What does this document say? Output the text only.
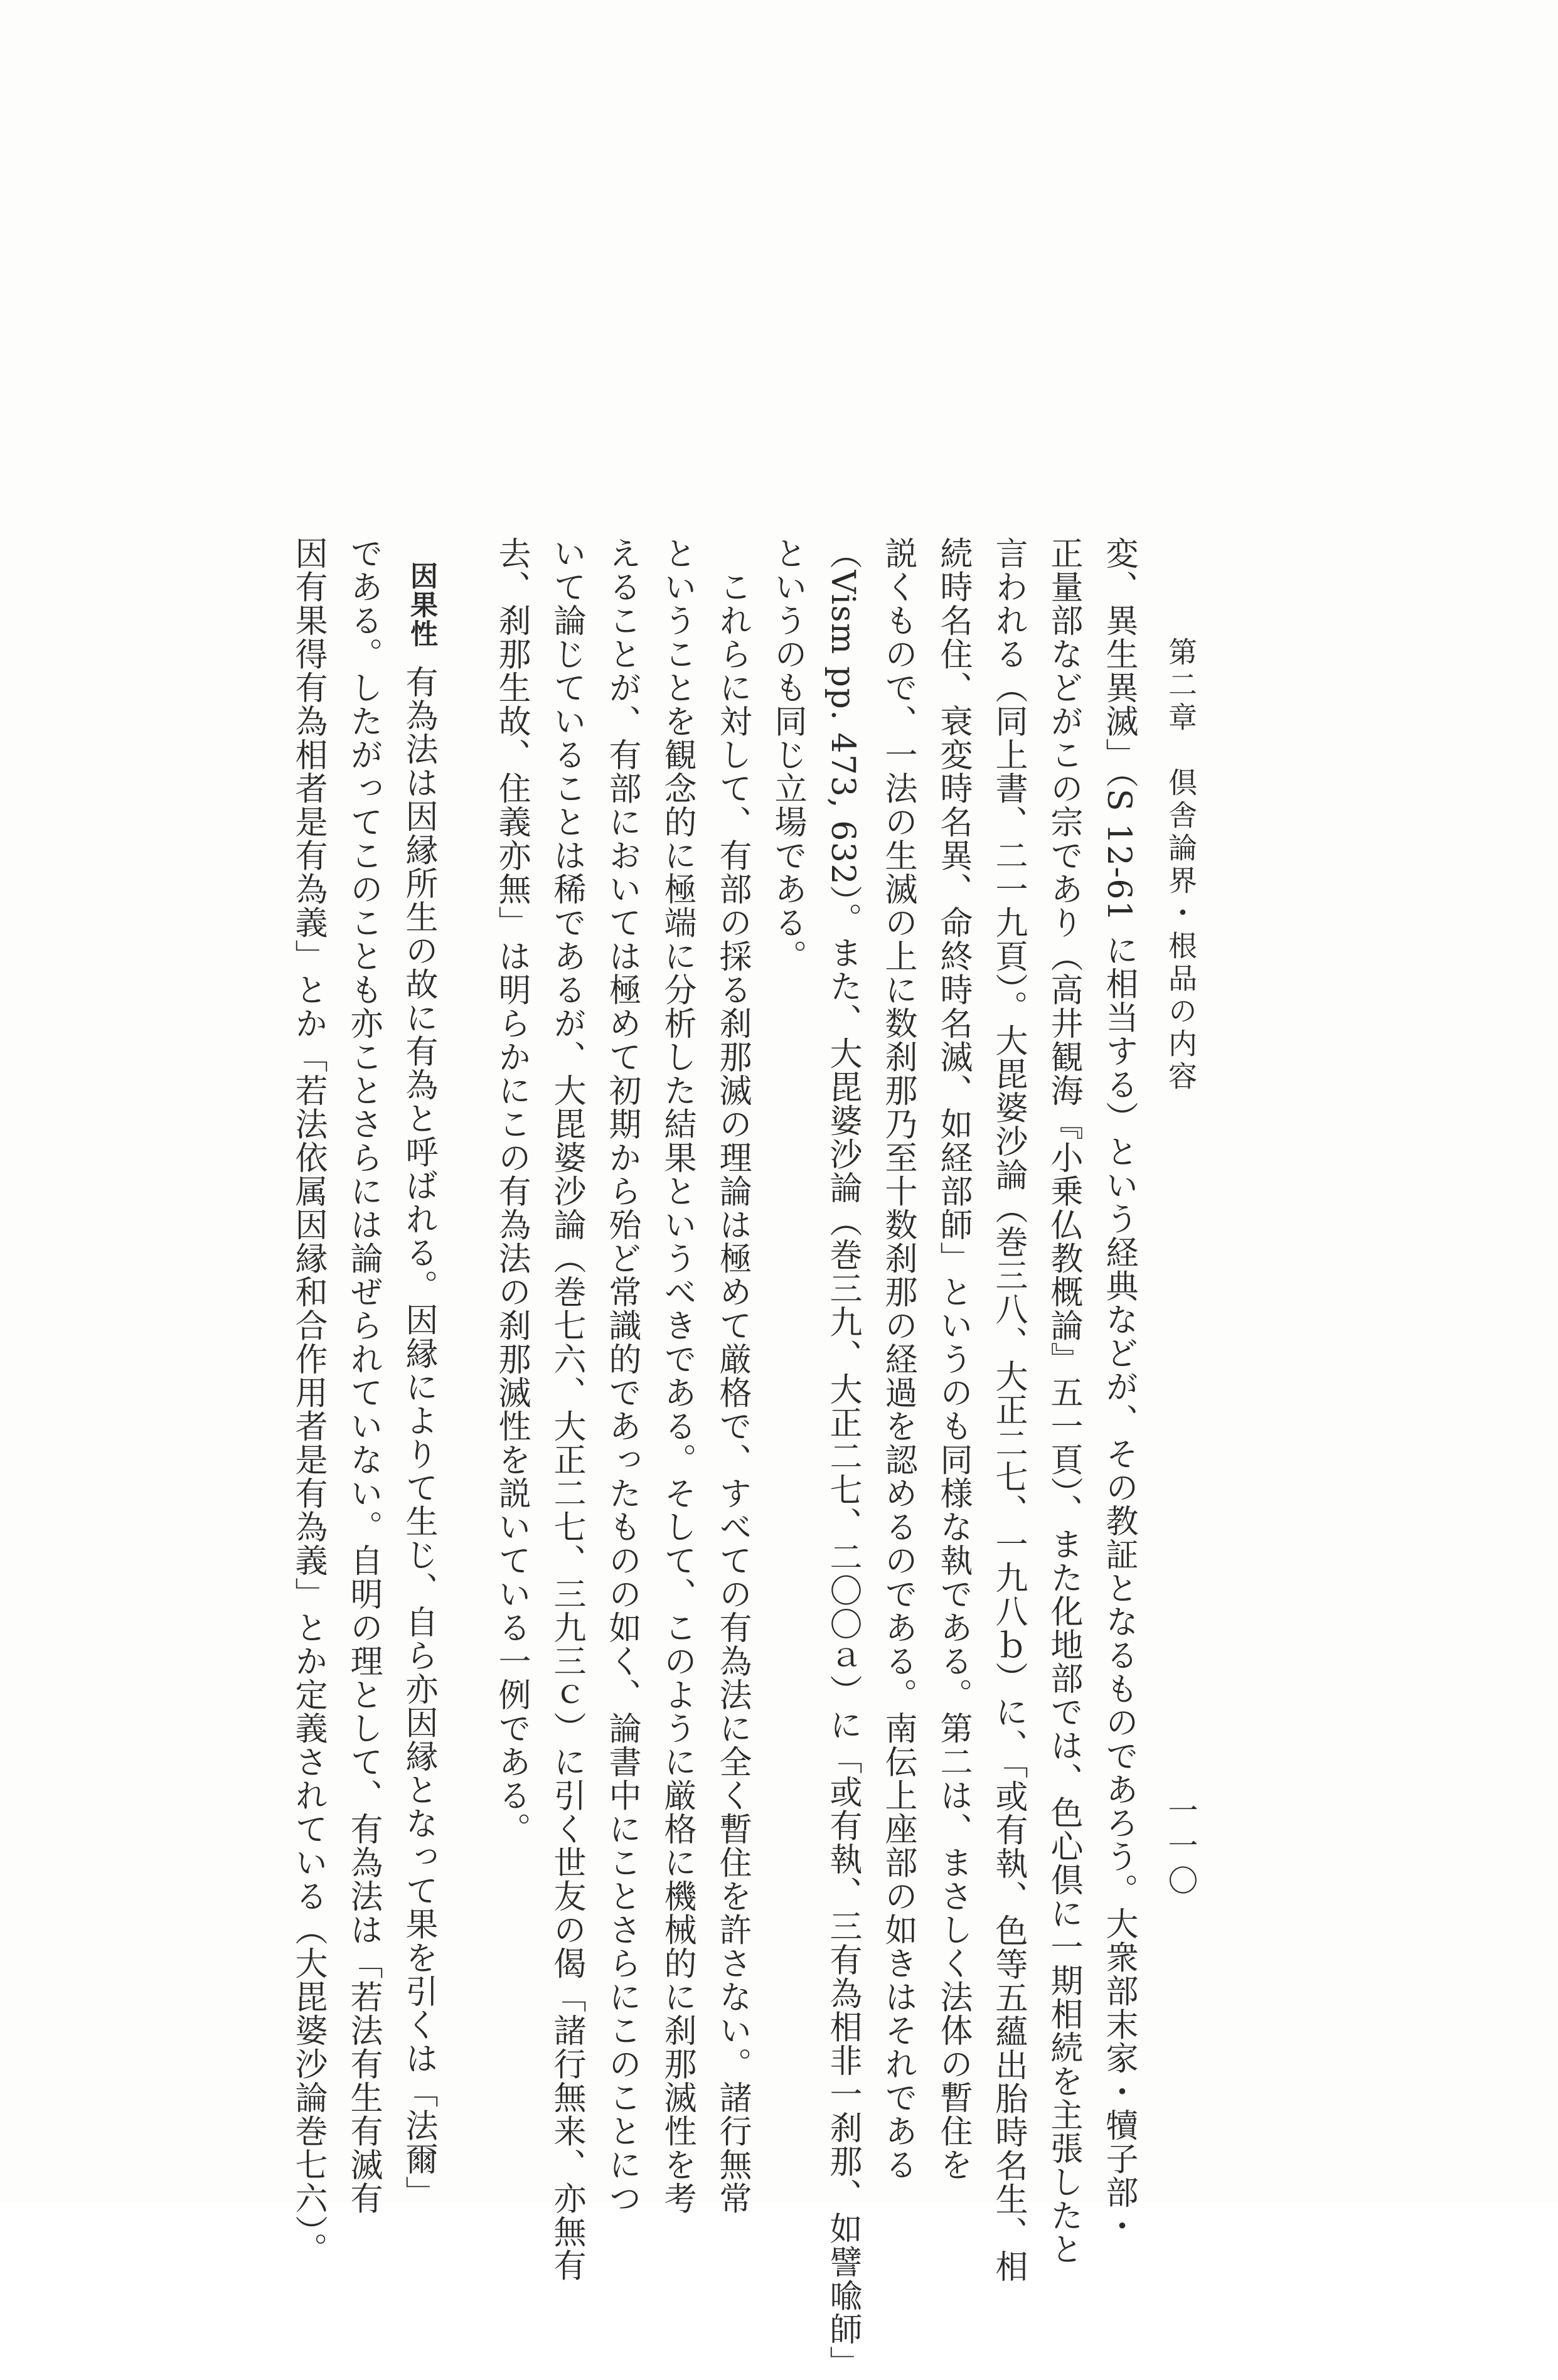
第二章　倶舎論界・根品の内容
一一〇
変、異生異滅」（S 12-61 に相当する）という経典などが、その教証となるものであろう。大衆部末家・犢子部・
正量部などがこの宗であり（高井観海『小乗仏教概論』五一頁）、また化地部では、色心倶に一期相続を主張したと
言われる（同上書、二一九頁）。大毘婆沙論（巻三八、大正二七、一九八ｂ）に、「或有執、色等五蘊出胎時名生、相
続時名住、衰変時名異、命終時名滅、如経部師」というのも同様な執である。第二は、まさしく法体の暫住を
説くもので、一法の生滅の上に数刹那乃至十数刹那の経過を認めるのである。南伝上座部の如きはそれである
（Vism pp. 473, 632）。また、大毘婆沙論（巻三九、大正二七、二〇〇ａ）に「或有執、三有為相非一刹那、如譬喩師」
というのも同じ立場である。
　これらに対して、有部の採る刹那滅の理論は極めて厳格で、すべての有為法に全く暫住を許さない。諸行無常
ということを観念的に極端に分析した結果というべきである。そして、このように厳格に機械的に刹那滅性を考
えることが、有部においては極めて初期から殆ど常識的であったものの如く、論書中にことさらにこのことにつ
いて論じていることは稀であるが、大毘婆沙論（巻七六、大正二七、三九三ｃ）に引く世友の偈「諸行無来、亦無有
去、刹那生故、住義亦無」は明らかにこの有為法の刹那滅性を説いている一例である。
因果性
有為法は因縁所生の故に有為と呼ばれる。因縁によりて生じ、自ら亦因縁となって果を引くは「法爾」
である。したがってこのことも亦ことさらには論ぜられていない。自明の理として、有為法は「若法有生有滅有
因有果得有為相者是有為義」とか「若法依属因縁和合作用者是有為義」とか定義されている（大毘婆沙論巻七六）。
